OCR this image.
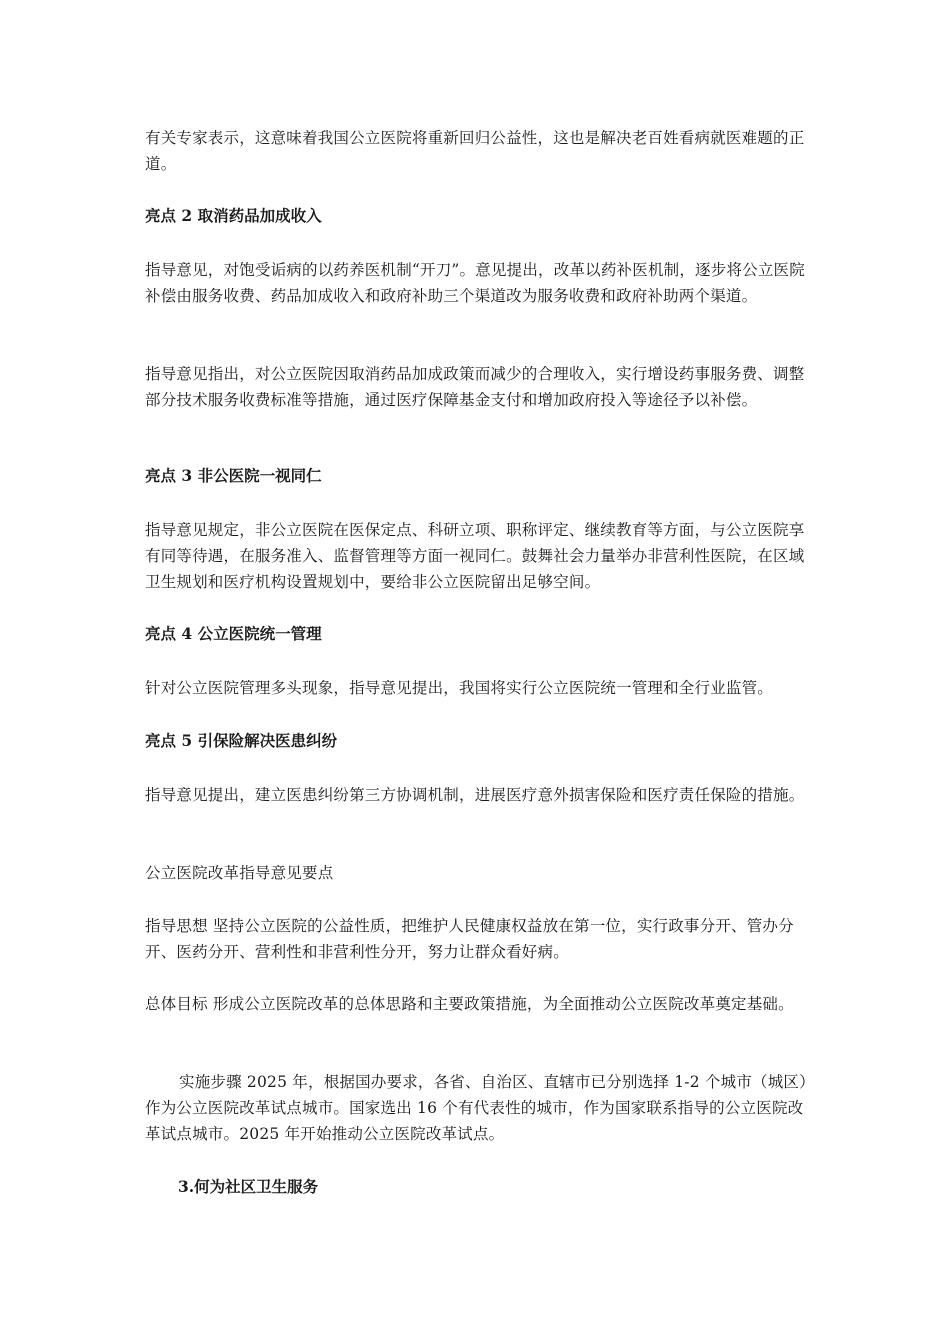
有关专家表示，这意味着我国公立医院将重新回归公益性，这也是解决老百姓看病就医难题的正道。

亮点 2 取消药品加成收入

指导意见，对饱受诟病的以药养医机制“开刀”。意见提出，改革以药补医机制，逐步将公立医院补偿由服务收费、药品加成收入和政府补助三个渠道改为服务收费和政府补助两个渠道。

指导意见指出，对公立医院因取消药品加成政策而减少的合理收入，实行增设药事服务费、调整部分技术服务收费标准等措施，通过医疗保障基金支付和增加政府投入等途径予以补偿。

亮点 3 非公医院一视同仁

指导意见规定，非公立医院在医保定点、科研立项、职称评定、继续教育等方面，与公立医院享有同等待遇，在服务准入、监督管理等方面一视同仁。鼓舞社会力量举办非营利性医院，在区域卫生规划和医疗机构设置规划中，要给非公立医院留出足够空间。

亮点 4 公立医院统一管理

针对公立医院管理多头现象，指导意见提出，我国将实行公立医院统一管理和全行业监管。

亮点 5 引保险解决医患纠纷

指导意见提出，建立医患纠纷第三方协调机制，进展医疗意外损害保险和医疗责任保险的措施。

公立医院改革指导意见要点

指导思想 坚持公立医院的公益性质，把维护人民健康权益放在第一位，实行政事分开、管办分开、医药分开、营利性和非营利性分开，努力让群众看好病。

总体目标 形成公立医院改革的总体思路和主要政策措施，为全面推动公立医院改革奠定基础。

实施步骤 2025 年，根据国办要求，各省、自治区、直辖市已分别选择 1-2 个城市（城区）作为公立医院改革试点城市。国家选出 16 个有代表性的城市，作为国家联系指导的公立医院改革试点城市。2025 年开始推动公立医院改革试点。

3.何为社区卫生服务
